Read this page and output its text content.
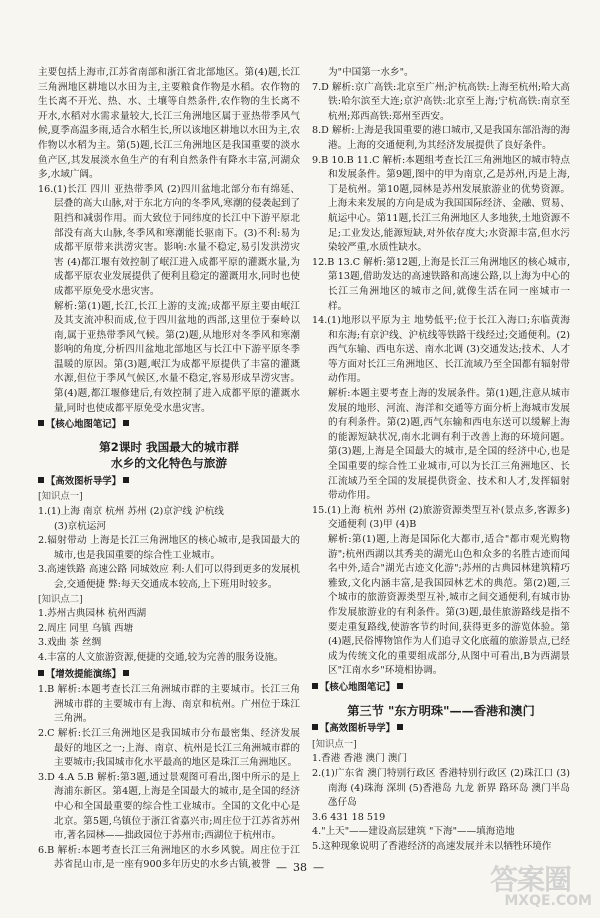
主要包括上海市,江苏省南部和浙江省北部地区。第(4)题,长江三角洲地区耕地以水田为主,主要粮食作物是水稻。农作物的生长离不开光、热、水、土壤等自然条件,农作物的生长离不开水,水稻对水需求量较大,长江三角洲地区属于亚热带季风气候,夏季高温多雨,适合水稻生长,所以该地区耕地以水田为主,农作物以水稻为主。第(5)题,长江三角洲地区是我国重要的淡水鱼产区,其发展淡水鱼生产的有利自然条件有降水丰富,河湖众多,水域广阔。

16.(1)长江 四川 亚热带季风 (2)四川盆地北部分布有绵延、层叠的高大山脉,对于东北方向的冬季风,寒潮的侵袭起到了阻挡和减弱作用。而大致位于同纬度的长江中下游平原北部没有高大山脉,冬季风和寒潮能长驱南下。(3)不利:易为成都平原带来洪涝灾害。影响:水量不稳定,易引发洪涝灾害 (4)都江堰有效控制了岷江进入成都平原的灌溉水量,为成都平原农业发展提供了便利且稳定的灌溉用水,同时也使成都平原免受水患灾害。

解析:第(1)题,长江,长江上游的支流;成都平原主要由岷江及其支流冲积而成,位于四川盆地的西部,这里位于秦岭以南,属于亚热带季风气候。第(2)题,从地形对冬季风和寒潮影响的角度,分析四川盆地北部地区与长江中下游平原冬季温暖的原因。第(3)题,岷江为成都平原提供了丰富的灌溉水源,但位于季风气候区,水量不稳定,容易形成旱涝灾害。第(4)题,都江堰修建后,有效控制了进入成都平原的灌溉水量,同时也使成都平原免受水患灾害。

【核心地图笔记】
第2课时 我国最大的城市群
水乡的文化特色与旅游
【高效图析导学】

[知识点一]

1.(1)上海 南京 杭州 苏州 (2)京沪线 沪杭线

(3)京杭运河

2.辐射带动 上海是长江三角洲地区的核心城市,是我国最大的城市,也是我国重要的综合性工业城市。

3.高速铁路 高速公路 同城效应 利:人们可以得到更多的发展机会,交通便捷 弊:每天交通成本较高,上下班用时较多。

[知识点二]

1.苏州古典园林 杭州西湖

2.周庄 同里 乌镇 西塘

3.戏曲 茶 丝绸

4.丰富的人文旅游资源,便捷的交通,较为完善的服务设施。

【增效提能演练】

1.B 解析:本题考查长江三角洲城市群的主要城市。长江三角洲城市群的主要城市有上海、南京和杭州。广州位于珠江三角洲。

2.C 解析:长江三角洲地区是我国城市分布最密集、经济发展最好的地区之一;上海、南京、杭州是长江三角洲城市群的主要城市;我国城市化水平最高的地区是珠江三角洲地区。

3.D 4.A 5.B 解析:第3题,通过景观图可看出,图中所示的是上海浦东新区。第4题,上海是全国最大的城市,是全国的经济中心和全国最重要的综合性工业城市。全国的文化中心是北京。第5题,乌镇位于浙江省嘉兴市;周庄位于江苏省苏州市,著名园林——拙政园位于苏州市;西湖位于杭州市。

6.B 解析:本题考查长江三角洲地区的水乡风貌。周庄位于江苏省昆山市,是一座有900多年历史的水乡古镇,被誉

为"中国第一水乡"。

7.D 解析:京广高铁:北京至广州;沪杭高铁:上海至杭州;哈大高铁:哈尔滨至大连;京沪高铁:北京至上海;宁杭高铁:南京至杭州;郑西高铁:郑州至西安。

8.D 解析:上海是我国重要的港口城市,又是我国东部沿海的海港。上海的交通便利,为其经济发展提供了良好条件。

9.B 10.B 11.C 解析:本题组考查长江三角洲地区的城市特点和发展条件。第9题,图中的甲为南京,乙是苏州,丙是上海,丁是杭州。第10题,园林是苏州发展旅游业的优势资源。上海未来发展的方向是成为我国国际经济、金融、贸易、航运中心。第11题,长江三角洲地区人多地狭,土地资源不足;工业发达,能源短缺,对外依存度大;水资源丰富,但水污染较严重,水质性缺水。

12.B 13.C 解析:第12题,上海是长江三角洲地区的核心城市,第13题,借助发达的高速铁路和高速公路,以上海为中心的长江三角洲地区的城市之间,就像生活在同一座城市一样。

14.(1)地形以平原为主 地势低平;位于长江入海口;东临黄海和东海;有京沪线、沪杭线等铁路干线经过;交通便利。(2)西气东输、西电东送、南水北调 (3)交通发达;技术、人才等方面对长江三角洲地区、长江流域乃至全国都有辐射带动作用。

解析:本题主要考查上海的发展条件。第(1)题,注意从城市发展的地形、河流、海洋和交通等方面分析上海城市发展的有利条件。第(2)题,西气东输和西电东送可以缓解上海的能源短缺状况,南水北调有利于改善上海的环境问题。第(3)题,上海是全国最大的城市,是全国的经济中心,也是全国重要的综合性工业城市,可以为长江三角洲地区、长江流域乃至全国的发展提供资金、技术和人才,发挥辐射带动作用。

15.(1)上海 杭州 苏州 (2)旅游资源类型互补(景点多,客源多) 交通便利 (3)甲 (4)B

解析:第(1)题,上海是国际化大都市,适合"都市观光购物游";杭州西湖以其秀美的湖光山色和众多的名胜古迹而闻名中外,适合"湖光古迹文化游";苏州的古典园林建筑精巧雅致,文化内涵丰富,是我国园林艺术的典范。第(2)题,三个城市的旅游资源类型互补,城市之间交通便利,有城市协作发展旅游业的有利条件。第(3)题,最佳旅游路线是指不要走重复路线,使游客节约时间,获得更多的游览体验。第(4)题,民俗博物馆作为人们追寻文化底蕴的旅游景点,已经成为传统文化的重要组成部分,从图中可看出,B为西湖景区"江南水乡"环境相协调。

【核心地图笔记】
第三节 "东方明珠"——香港和澳门
【高效图析导学】

[知识点一]

1.香港 香港 澳门 澳门

2.(1)广东省 澳门特别行政区 香港特别行政区 (2)珠江口 (3)南海 (4)珠海 深圳 (5)香港岛 九龙 新界 路环岛 澳门半岛 氹仔岛

3.6 431 18 519

4."上天"——建设高层建筑 "下海"——填海造地

5.这种现象说明了香港经济的高速发展并未以牺牲环境作

— 38 —	答案圈
MXQE.COM
